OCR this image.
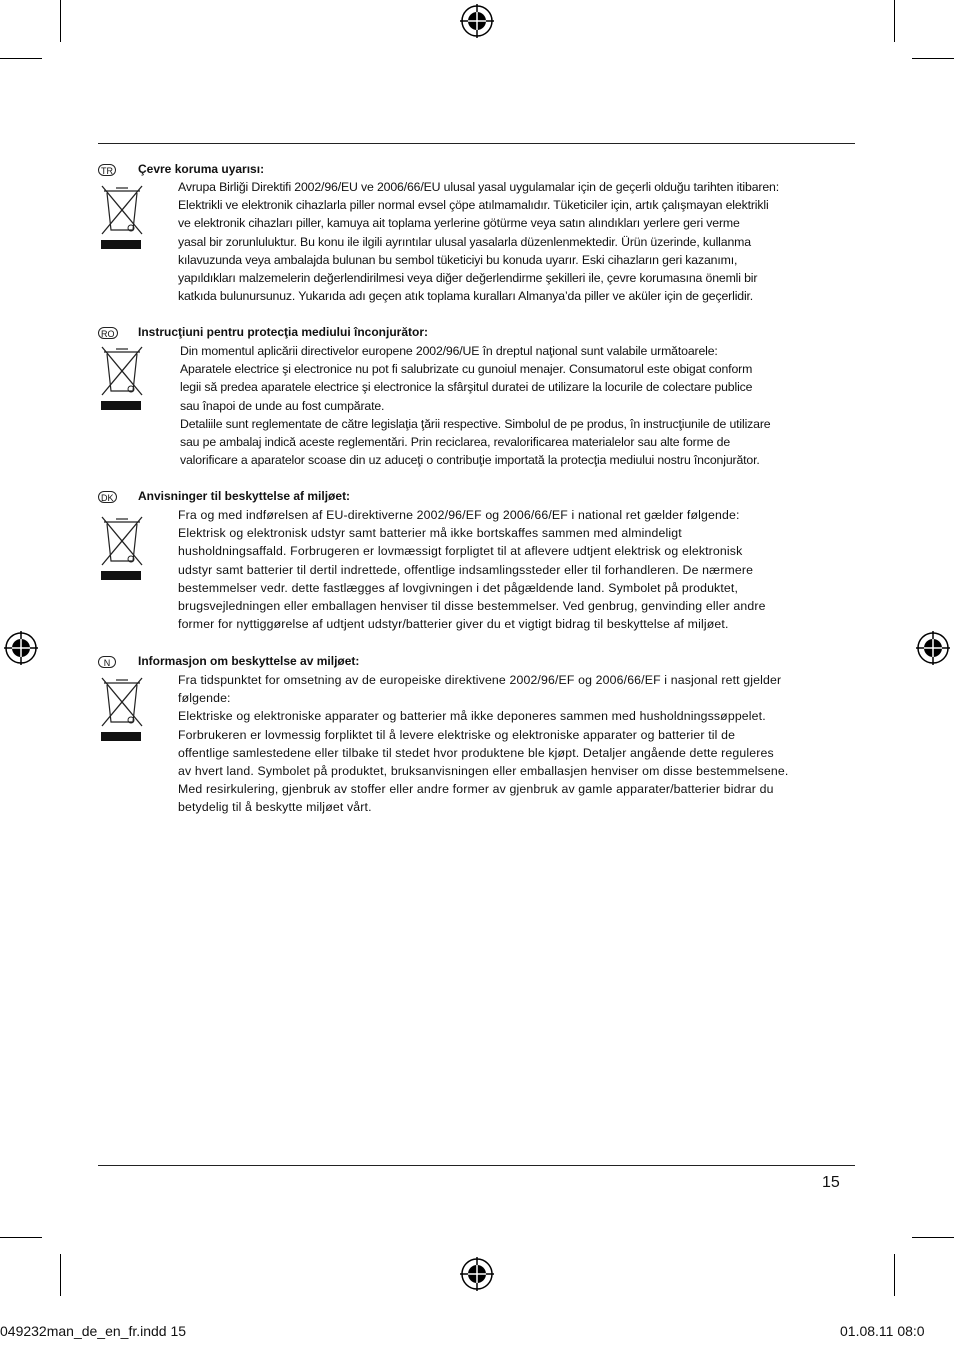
TR Çevre koruma uyarısı:
Avrupa Birliği Direktifi 2002/96/EU ve 2006/66/EU ulusal yasal uygulamalar için de geçerli olduğu tarihten itibaren:
Elektrikli ve elektronik cihazlarla piller normal evsel çöpe atılmamalıdır. Tüketiciler için, artık çalışmayan elektrikli
ve elektronik cihazları piller, kamuya ait toplama yerlerine götürme veya satın alındıkları yerlere geri verme
yasal bir zorunluluktur. Bu konu ile ilgili ayrıntılar ulusal yasalarla düzenlenmektedir. Ürün üzerinde, kullanma
kılavuzunda veya ambalajda bulunan bu sembol tüketiciyi bu konuda uyarır. Eski cihazların geri kazanımı,
yapıldıkları malzemelerin değerlendirilmesi veya diğer değerlendirme şekilleri ile, çevre korumasına önemli bir
katkıda bulunursunuz. Yukarıda adı geçen atık toplama kuralları Almanya’da piller ve aküler için de geçerlidir.
RO Instrucţiuni pentru protecţia mediului înconjurător:
Din momentul aplicării directivelor europene 2002/96/UE în dreptul naţional sunt valabile următoarele:
Aparatele electrice şi electronice nu pot fi salubrizate cu gunoiul menajer. Consumatorul este obigat conform
legii să predea aparatele electrice şi electronice la sfârşitul duratei de utilizare la locurile de colectare publice
sau înapoi de unde au fost cumpărate.
Detaliile sunt reglementate de către legislaţia ţării respective. Simbolul de pe produs, în instrucţiunile de utilizare
sau pe ambalaj indică aceste reglementări. Prin reciclarea, revalorificarea materialelor sau alte forme de
valorificare a aparatelor scoase din uz aduceţi o contribuţie importată la protecţia mediului nostru înconjurător.
DK Anvisninger til beskyttelse af miljøet:
Fra og med indførelsen af EU-direktiverne 2002/96/EF og 2006/66/EF i national ret gælder følgende:
Elektrisk og elektronisk udstyr samt batterier må ikke bortskaffes sammen med almindeligt
husholdningsaffald. Forbrugeren er lovmæssigt forpligtet til at aflevere udtjent elektrisk og elektronisk
udstyr samt batterier til dertil indrettede, offentlige indsamlingssteder eller til forhandleren. De nærmere
bestemmelser vedr. dette fastlægges af lovgivningen i det pågældende land. Symbolet på produktet,
brugsvejledningen eller emballagen henviser til disse bestemmelser. Ved genbrug, genvinding eller andre
former for nyttiggørelse af udtjent udstyr/batterier giver du et vigtigt bidrag til beskyttelse af miljøet.
N	Informasjon om beskyttelse av miljøet:
Fra tidspunktet for omsetning av de europeiske direktivene 2002/96/EF og 2006/66/EF i nasjonal rett gjelder
følgende:
Elektriske og elektroniske apparater og batterier må ikke deponeres sammen med husholdningssøppelet.
Forbrukeren er lovmessig forpliktet til å levere elektriske og elektroniske apparater og batterier til de
offentlige samlestedene eller tilbake til stedet hvor produktene ble kjøpt. Detaljer angående dette reguleres
av hvert land. Symbolet på produktet, bruksanvisningen eller emballasjen henviser om disse bestemmelsene.
Med resirkulering, gjenbruk av stoffer eller andre former av gjenbruk av gamle apparater/batterier bidrar du
betydelig til å beskytte miljøet vårt.
15
049232man_de_en_fr.indd 15	01.08.11 08:0
